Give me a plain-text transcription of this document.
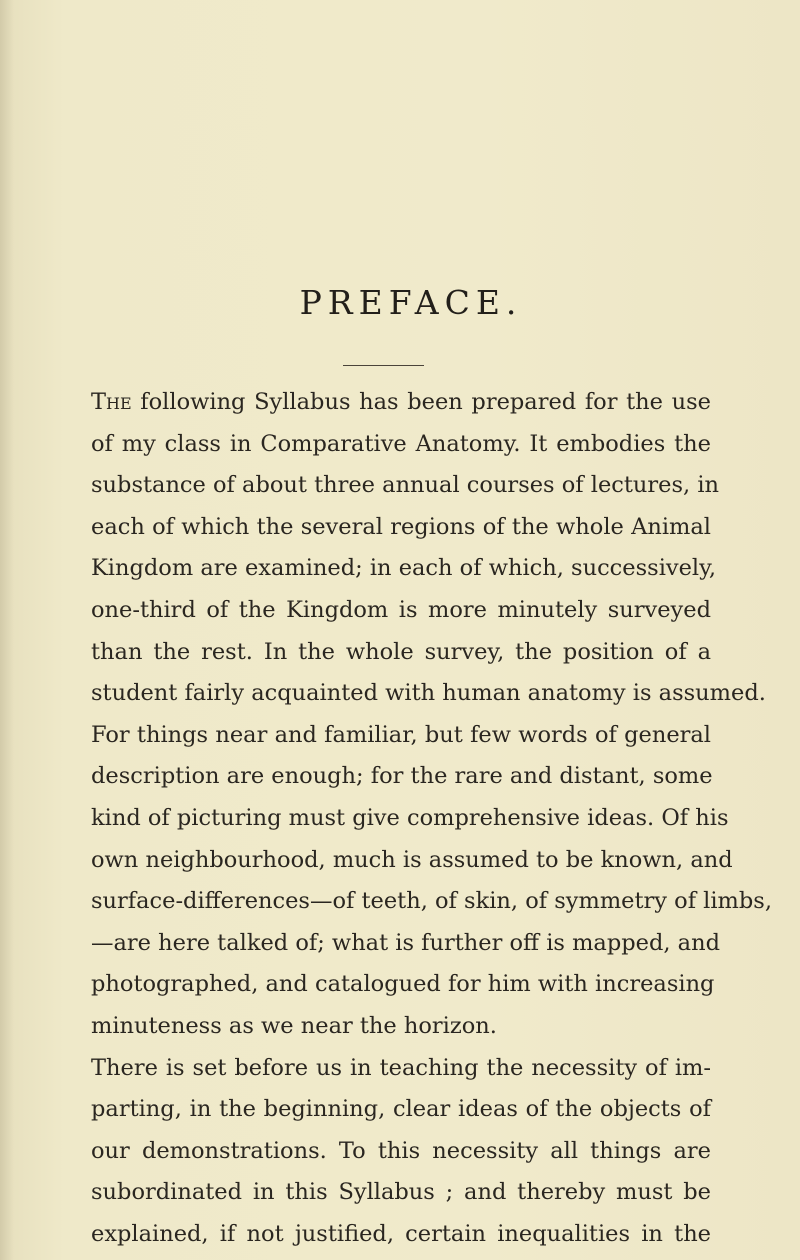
PREFACE.
The following Syllabus has been prepared for the use
of my class in Comparative Anatomy. It embodies the
substance of about three annual courses of lectures, in
each of which the several regions of the whole Animal
Kingdom are examined; in each of which, successively,
one-third of the Kingdom is more minutely surveyed
than the rest. In the whole survey, the position of a
student fairly acquainted with human anatomy is assumed.
For things near and familiar, but few words of general
description are enough; for the rare and distant, some
kind of picturing must give comprehensive ideas. Of his
own neighbourhood, much is assumed to be known, and
surface-differences—of teeth, of skin, of symmetry of limbs,
—are here talked of; what is further off is mapped, and
photographed, and catalogued for him with increasing
minuteness as we near the horizon.
There is set before us in teaching the necessity of im-
parting, in the beginning, clear ideas of the objects of
our demonstrations. To this necessity all things are
subordinated in this Syllabus ; and thereby must be
explained, if not justified, certain inequalities in the
